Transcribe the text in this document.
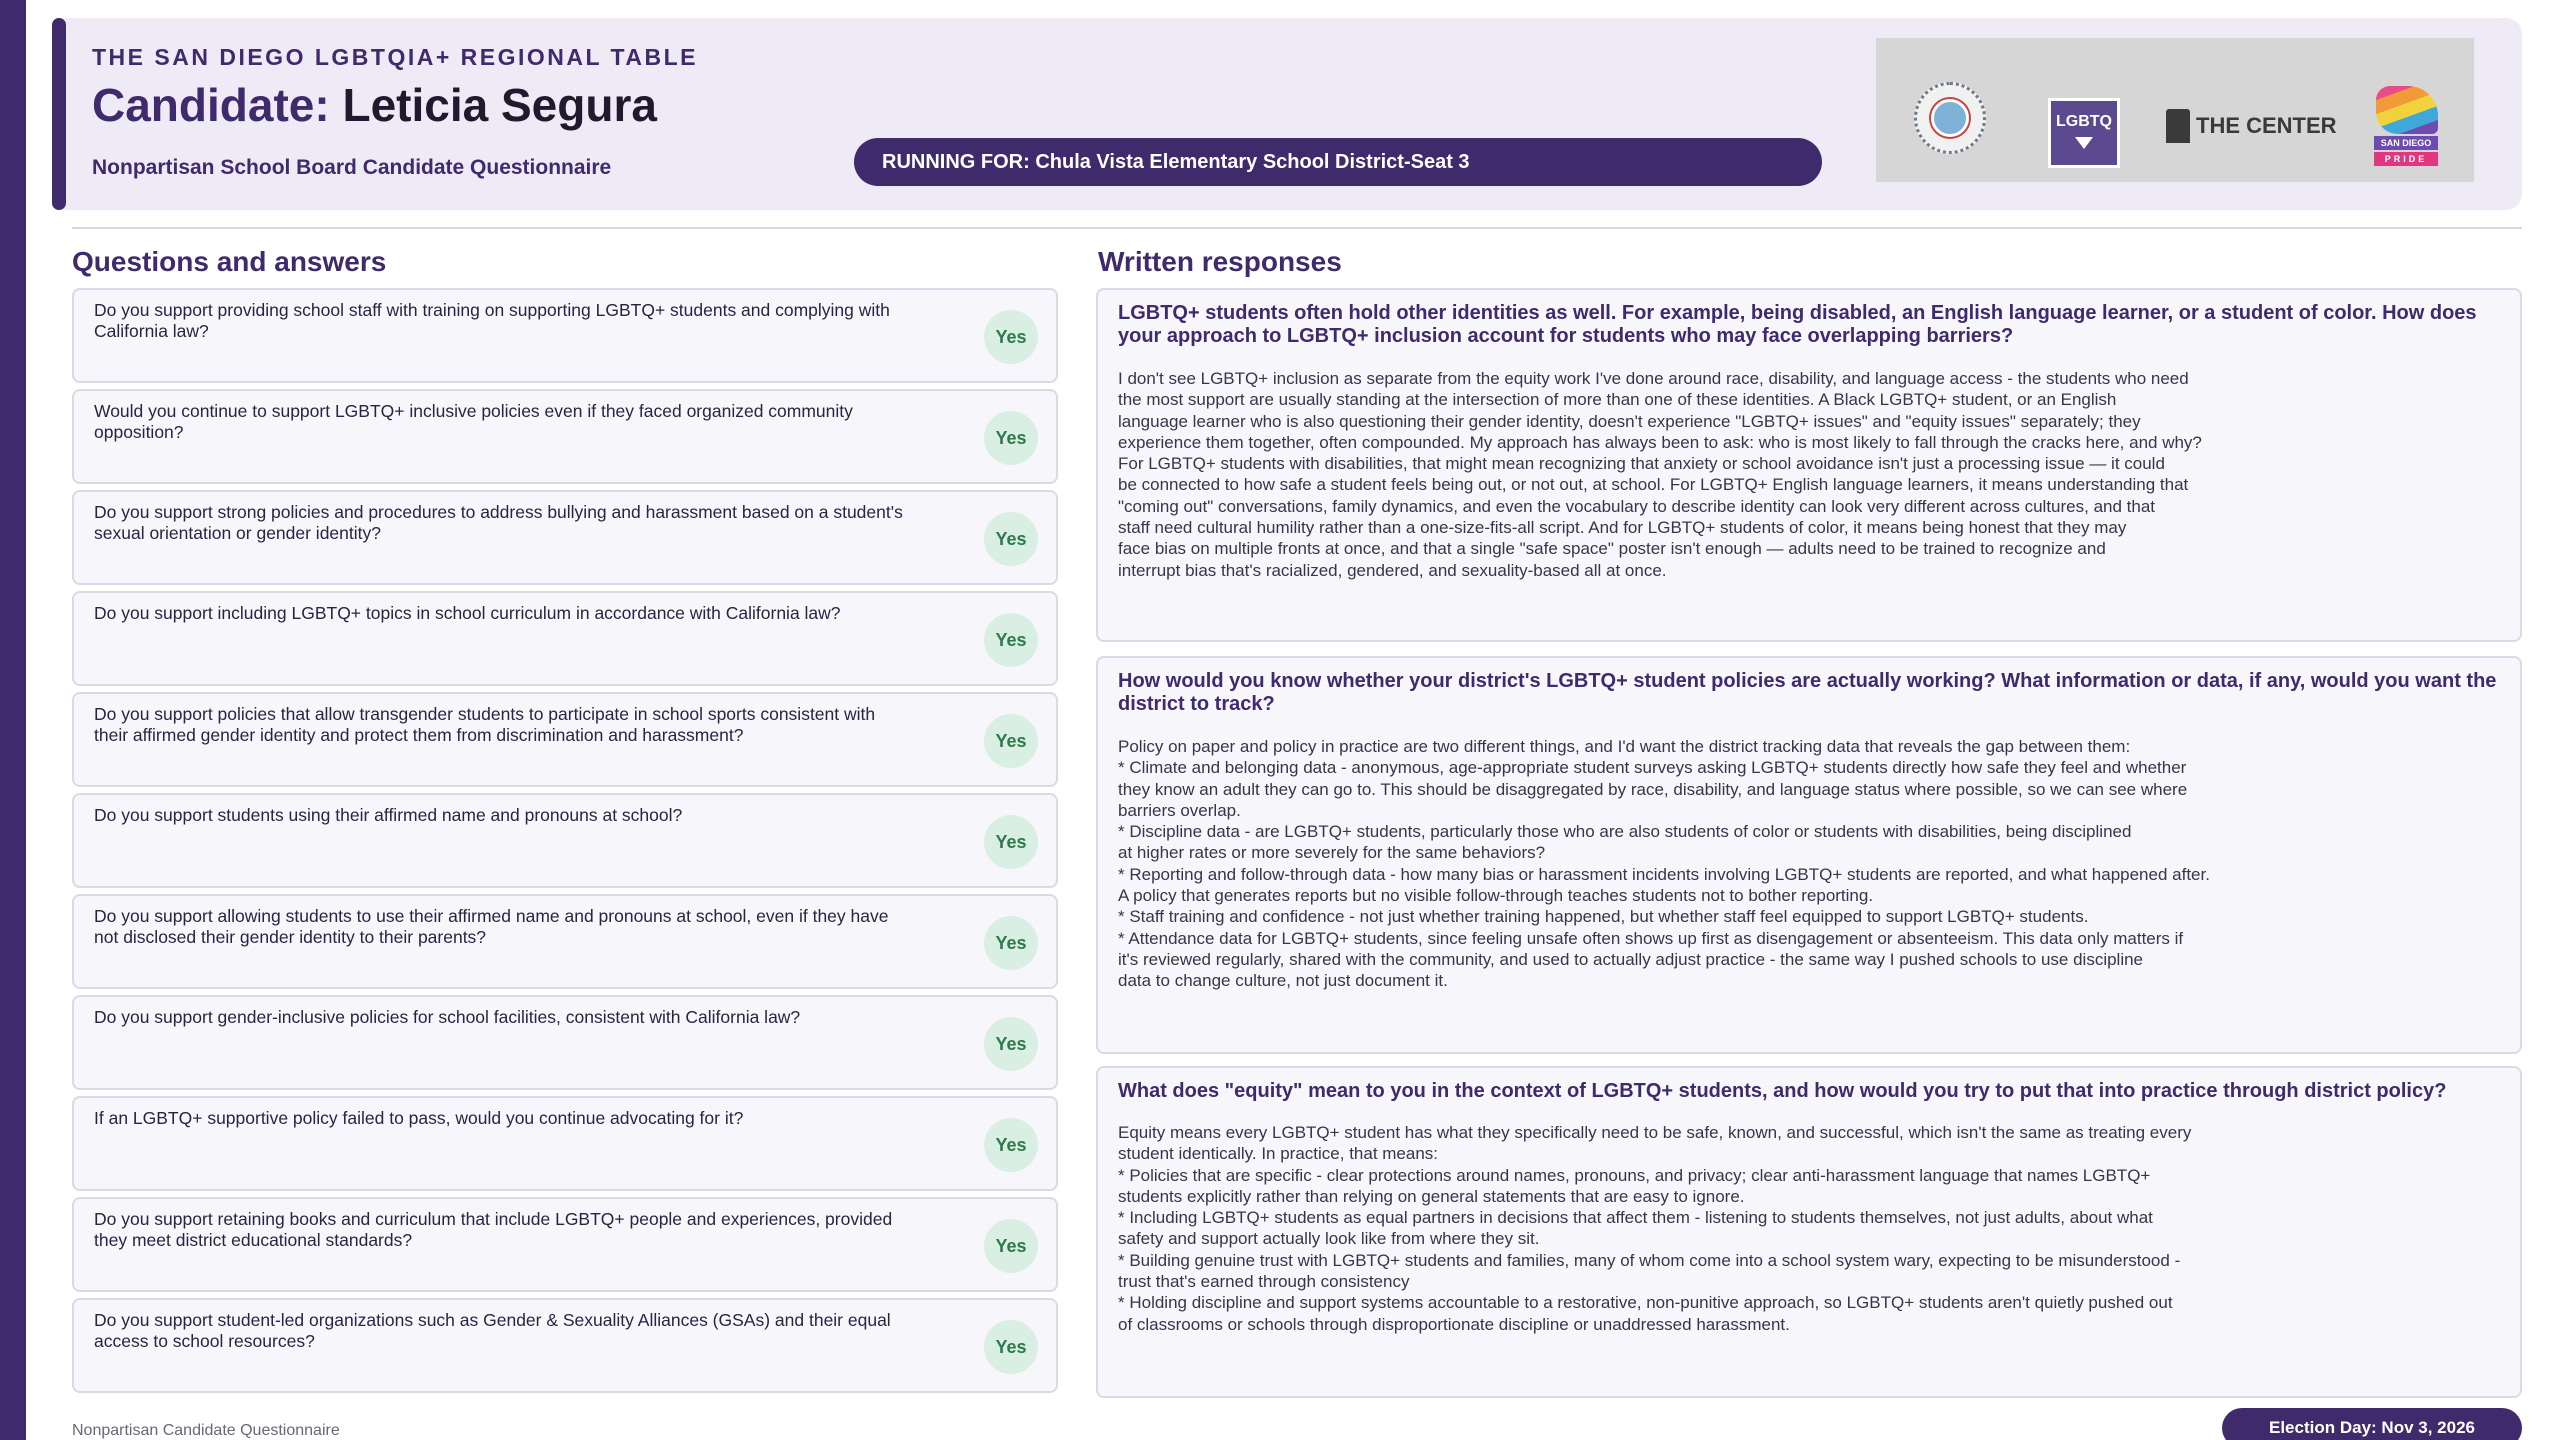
THE SAN DIEGO LGBTQIA+ REGIONAL TABLE
Candidate: Leticia Segura
Nonpartisan School Board Candidate Questionnaire	RUNNING FOR: Chula Vista Elementary School District-Seat 3
LGBTQ	THE CENTER
SAN DIEGO
PRIDE
Questions and answers
Do you support providing school staff with training on supporting LGBTQ+ students and complying with California law?	Yes
Would you continue to support LGBTQ+ inclusive policies even if they faced organized community opposition?	Yes
Do you support strong policies and procedures to address bullying and harassment based on a student's sexual orientation or gender identity?	Yes
Do you support including LGBTQ+ topics in school curriculum in accordance with California law?
Yes
Do you support policies that allow transgender students to participate in school sports consistent with their affirmed gender identity and protect them from discrimination and harassment?	Yes
Do you support students using their affirmed name and pronouns at school?
Yes
Do you support allowing students to use their affirmed name and pronouns at school, even if they have not disclosed their gender identity to their parents?	Yes
Do you support gender-inclusive policies for school facilities, consistent with California law?
Yes
If an LGBTQ+ supportive policy failed to pass, would you continue advocating for it?
Yes
Do you support retaining books and curriculum that include LGBTQ+ people and experiences, provided they meet district educational standards?	Yes
Do you support student-led organizations such as Gender & Sexuality Alliances (GSAs) and their equal access to school resources?	Yes
Written responses
LGBTQ+ students often hold other identities as well. For example, being disabled, an English language learner, or a student of color. How does your approach to LGBTQ+ inclusion account for students who may face overlapping barriers?
I don't see LGBTQ+ inclusion as separate from the equity work I've done around race, disability, and language access - the students who need
the most support are usually standing at the intersection of more than one of these identities. A Black LGBTQ+ student, or an English
language learner who is also questioning their gender identity, doesn't experience "LGBTQ+ issues" and "equity issues" separately; they
experience them together, often compounded. My approach has always been to ask: who is most likely to fall through the cracks here, and why?
For LGBTQ+ students with disabilities, that might mean recognizing that anxiety or school avoidance isn't just a processing issue — it could
be connected to how safe a student feels being out, or not out, at school. For LGBTQ+ English language learners, it means understanding that
"coming out" conversations, family dynamics, and even the vocabulary to describe identity can look very different across cultures, and that
staff need cultural humility rather than a one-size-fits-all script. And for LGBTQ+ students of color, it means being honest that they may
face bias on multiple fronts at once, and that a single "safe space" poster isn't enough — adults need to be trained to recognize and
interrupt bias that's racialized, gendered, and sexuality-based all at once.
How would you know whether your district's LGBTQ+ student policies are actually working? What information or data, if any, would you want the district to track?
Policy on paper and policy in practice are two different things, and I'd want the district tracking data that reveals the gap between them:
* Climate and belonging data - anonymous, age-appropriate student surveys asking LGBTQ+ students directly how safe they feel and whether
they know an adult they can go to. This should be disaggregated by race, disability, and language status where possible, so we can see where
barriers overlap.
* Discipline data - are LGBTQ+ students, particularly those who are also students of color or students with disabilities, being disciplined
at higher rates or more severely for the same behaviors?
* Reporting and follow-through data - how many bias or harassment incidents involving LGBTQ+ students are reported, and what happened after.
A policy that generates reports but no visible follow-through teaches students not to bother reporting.
* Staff training and confidence - not just whether training happened, but whether staff feel equipped to support LGBTQ+ students.
* Attendance data for LGBTQ+ students, since feeling unsafe often shows up first as disengagement or absenteeism. This data only matters if
it's reviewed regularly, shared with the community, and used to actually adjust practice - the same way I pushed schools to use discipline
data to change culture, not just document it.
What does "equity" mean to you in the context of LGBTQ+ students, and how would you try to put that into practice through district policy?
Equity means every LGBTQ+ student has what they specifically need to be safe, known, and successful, which isn't the same as treating every
student identically. In practice, that means:
* Policies that are specific - clear protections around names, pronouns, and privacy; clear anti-harassment language that names LGBTQ+
students explicitly rather than relying on general statements that are easy to ignore.
* Including LGBTQ+ students as equal partners in decisions that affect them - listening to students themselves, not just adults, about what
safety and support actually look like from where they sit.
* Building genuine trust with LGBTQ+ students and families, many of whom come into a school system wary, expecting to be misunderstood -
trust that's earned through consistency
* Holding discipline and support systems accountable to a restorative, non-punitive approach, so LGBTQ+ students aren't quietly pushed out
of classrooms or schools through disproportionate discipline or unaddressed harassment.
Nonpartisan Candidate Questionnaire	Election Day: Nov 3, 2026
